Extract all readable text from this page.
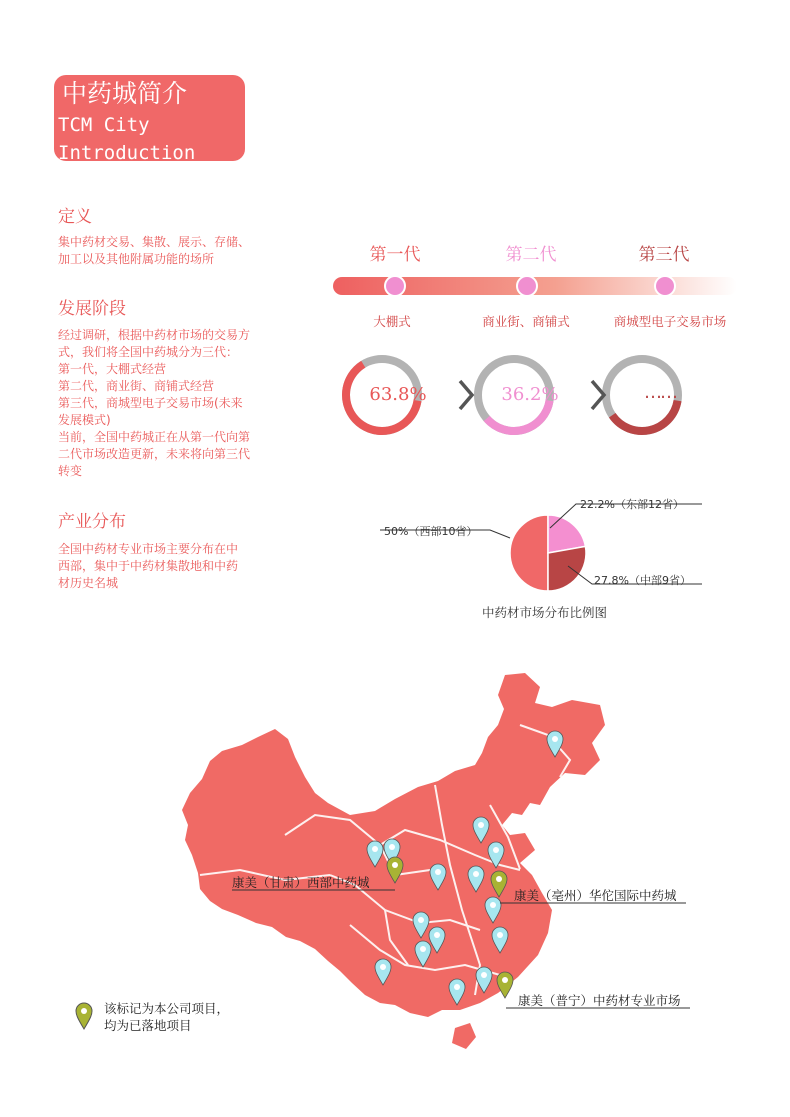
中药城简介
TCM City
Introduction
定义
集中药材交易、集散、展示、存储、
加工以及其他附属功能的场所
发展阶段
经过调研，根据中药材市场的交易方
式，我们将全国中药城分为三代：
第一代，大棚式经营
第二代，商业街、商铺式经营
第三代，商城型电子交易市场(未来
发展模式)
当前，全国中药城正在从第一代向第
二代市场改造更新，未来将向第三代
转变
产业分布
全国中药材专业市场主要分布在中
西部，集中于中药材集散地和中药
材历史名城
第一代	第二代	第三代
大棚式	商业街、商铺式	商城型电子交易市场
63.8%	36.2%	……
22.2%（东部12省）
50%（西部10省）
27.8%（中部9省）
中药材市场分布比例图
康美（甘肃）西部中药城
康美（亳州）华佗国际中药城
康美（普宁）中药材专业市场
该标记为本公司项目，
均为已落地项目
